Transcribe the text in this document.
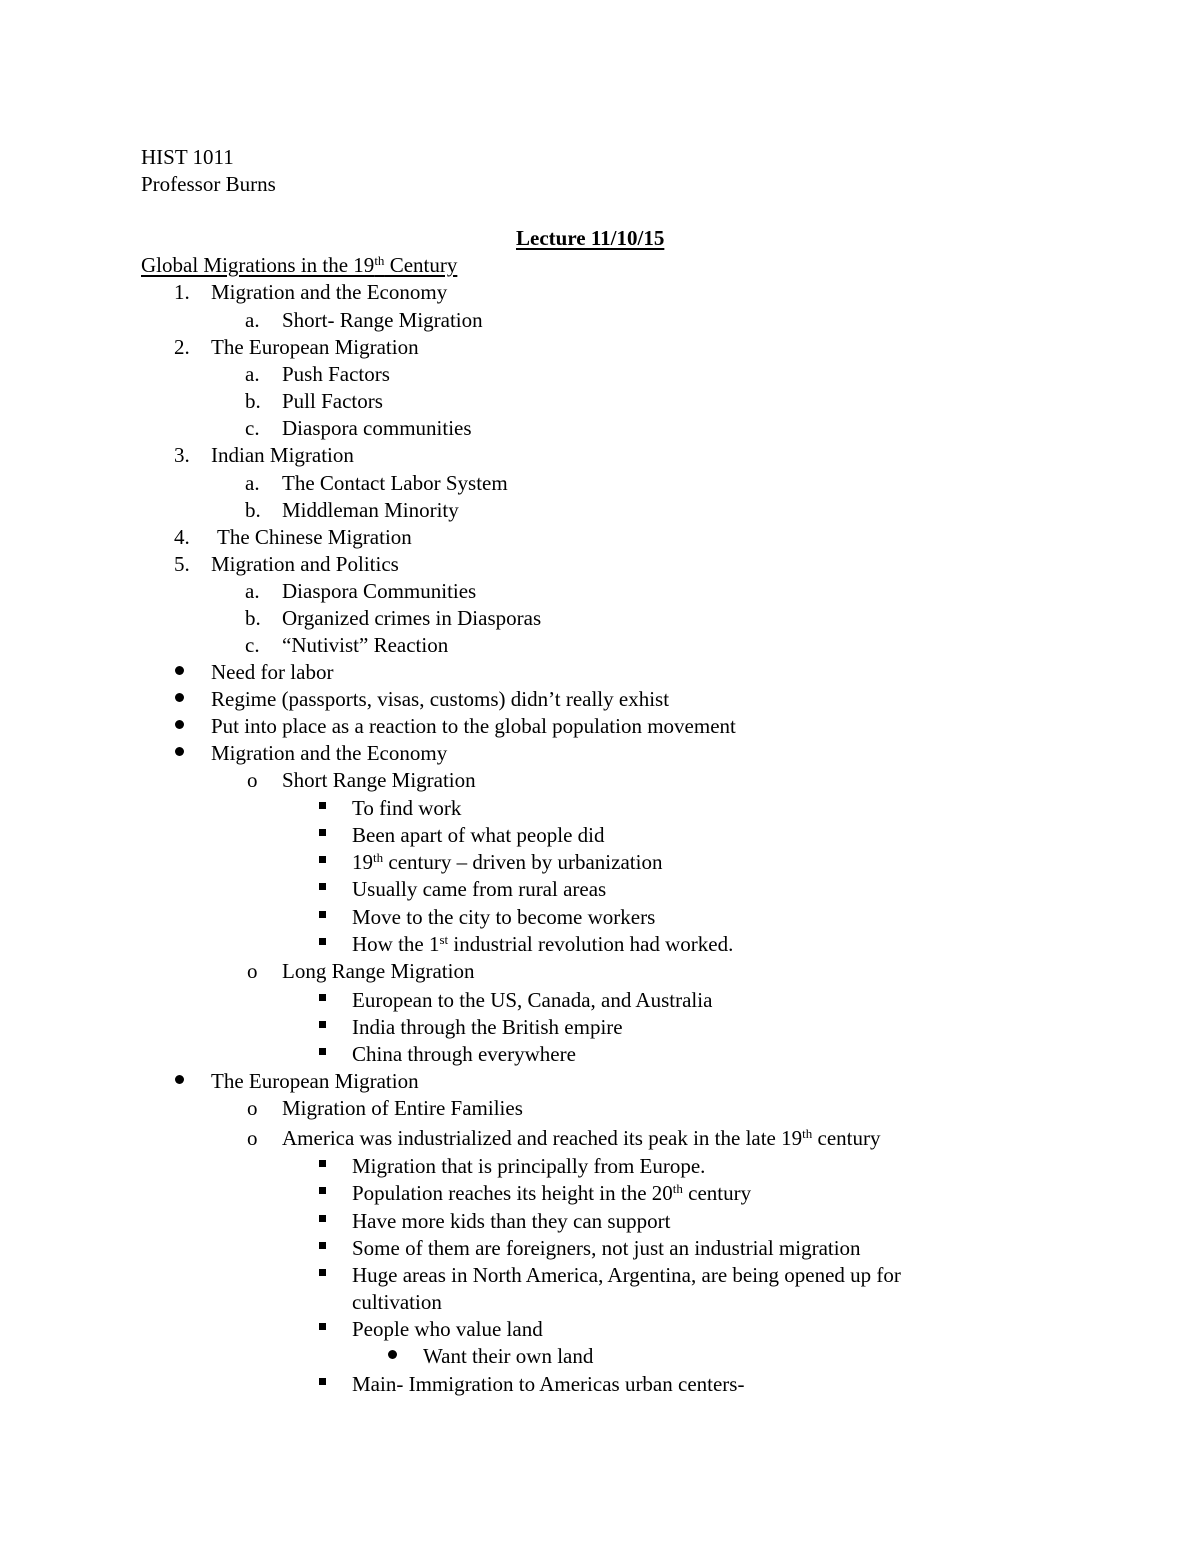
HIST 1011
Professor Burns
Lecture 11/10/15
Global Migrations in the 19th Century
1. Migration and the Economy
a. Short- Range Migration
2. The European Migration
a. Push Factors
b. Pull Factors
c. Diaspora communities
3. Indian Migration
a. The Contact Labor System
b. Middleman Minority
4. The Chinese Migration
5. Migration and Politics
a. Diaspora Communities
b. Organized crimes in Diasporas
c. “Nutivist” Reaction
Need for labor
Regime (passports, visas, customs) didn’t really exhist
Put into place as a reaction to the global population movement
Migration and the Economy
o Short Range Migration
To find work
Been apart of what people did
19th century – driven by urbanization
Usually came from rural areas
Move to the city to become workers
How the 1st industrial revolution had worked.
o Long Range Migration
European to the US, Canada, and Australia
India through the British empire
China through everywhere
The European Migration
o Migration of Entire Families
o America was industrialized and reached its peak in the late 19th century
Migration that is principally from Europe.
Population reaches its height in the 20th century
Have more kids than they can support
Some of them are foreigners, not just an industrial migration
Huge areas in North America, Argentina, are being opened up for
cultivation
People who value land
Want their own land
Main- Immigration to Americas urban centers-
